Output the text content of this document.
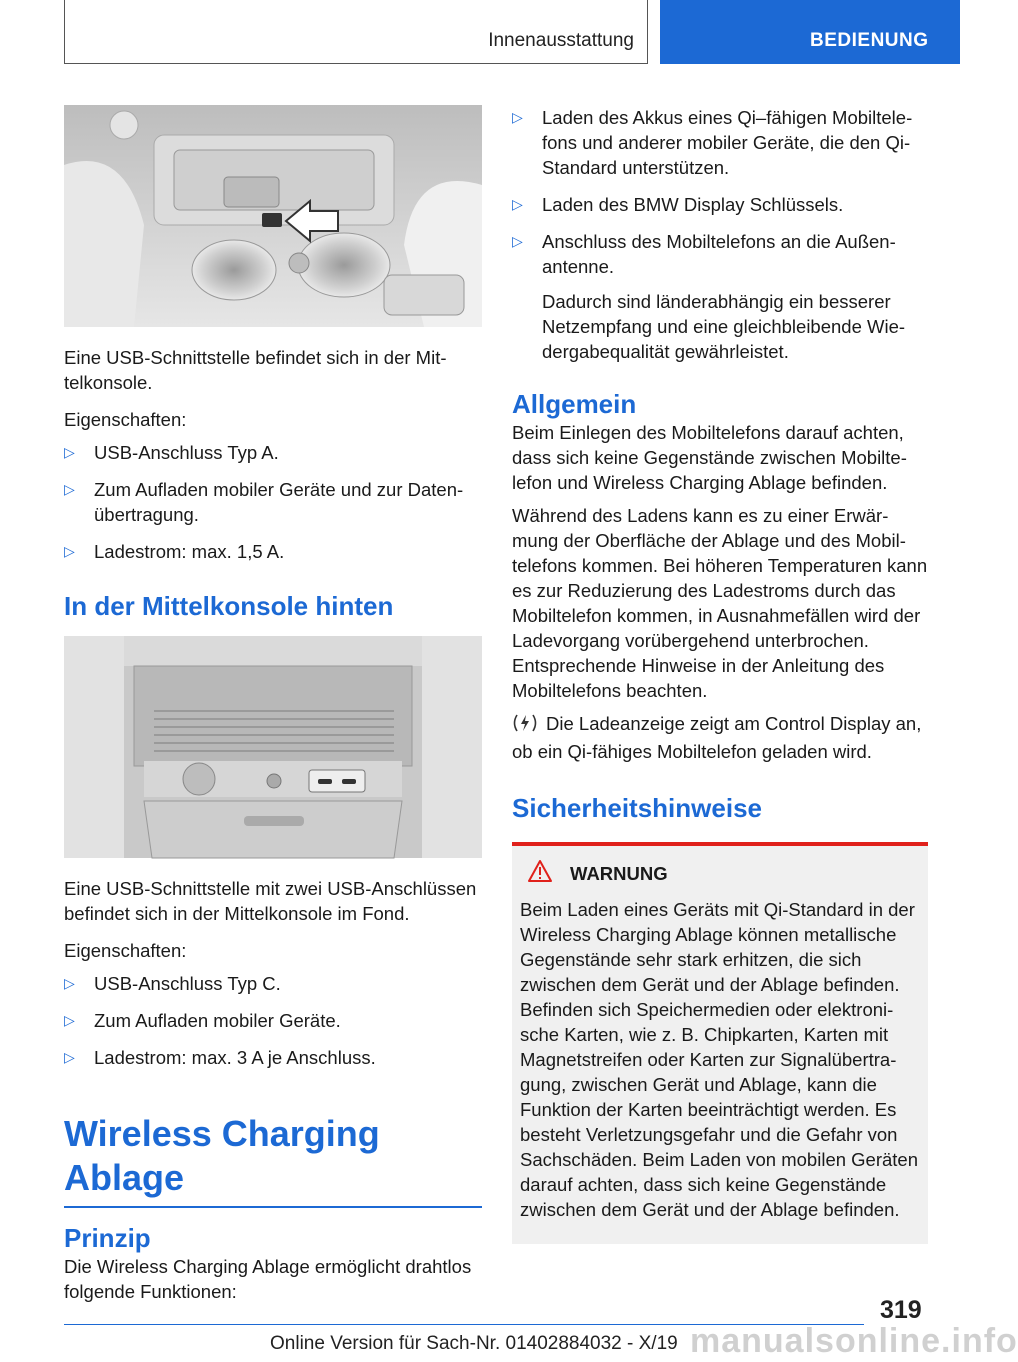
Innenausstattung	BEDIENUNG

Eine USB-Schnittstelle befindet sich in der Mittelkonsole.

Eigenschaften:

▷ USB-Anschluss Typ A.
▷ Zum Aufladen mobiler Geräte und zur Datenübertragung.
▷ Ladestrom: max. 1,5 A.
In der Mittelkonsole hinten

Eine USB-Schnittstelle mit zwei USB-Anschlüssen befindet sich in der Mittelkonsole im Fond.

Eigenschaften:

▷ USB-Anschluss Typ C.
▷ Zum Aufladen mobiler Geräte.
▷ Ladestrom: max. 3 A je Anschluss.
Wireless Charging Ablage
Prinzip

Die Wireless Charging Ablage ermöglicht drahtlos folgende Funktionen:

▷ Laden des Akkus eines Qi–fähigen Mobiltelefons und anderer mobiler Geräte, die den Qi-Standard unterstützen.
▷ Laden des BMW Display Schlüssels.
▷ Anschluss des Mobiltelefons an die Außenantenne.
Dadurch sind länderabhängig ein besserer Netzempfang und eine gleichbleibende Wiedergabequalität gewährleistet.
Allgemein

Beim Einlegen des Mobiltelefons darauf achten, dass sich keine Gegenstände zwischen Mobiltelefon und Wireless Charging Ablage befinden.

Während des Ladens kann es zu einer Erwärmung der Oberfläche der Ablage und des Mobiltelefons kommen. Bei höheren Temperaturen kann es zur Reduzierung des Ladestroms durch das Mobiltelefon kommen, in Ausnahmefällen wird der Ladevorgang vorübergehend unterbrochen. Entsprechende Hinweise in der Anleitung des Mobiltelefons beachten.

Die Ladeanzeige zeigt am Control Display an, ob ein Qi-fähiges Mobiltelefon geladen wird.

Sicherheitshinweise
WARNUNG

Beim Laden eines Geräts mit Qi-Standard in der Wireless Charging Ablage können metallische Gegenstände sehr stark erhitzen, die sich zwischen dem Gerät und der Ablage befinden. Befinden sich Speichermedien oder elektronische Karten, wie z. B. Chipkarten, Karten mit Magnetstreifen oder Karten zur Signalübertragung, zwischen Gerät und Ablage, kann die Funktion der Karten beeinträchtigt werden. Es besteht Verletzungsgefahr und die Gefahr von Sachschäden. Beim Laden von mobilen Geräten darauf achten, dass sich keine Gegenstände zwischen dem Gerät und der Ablage befinden.

319
Online Version für Sach-Nr. 01402884032 - X/19 manualsonline.info
